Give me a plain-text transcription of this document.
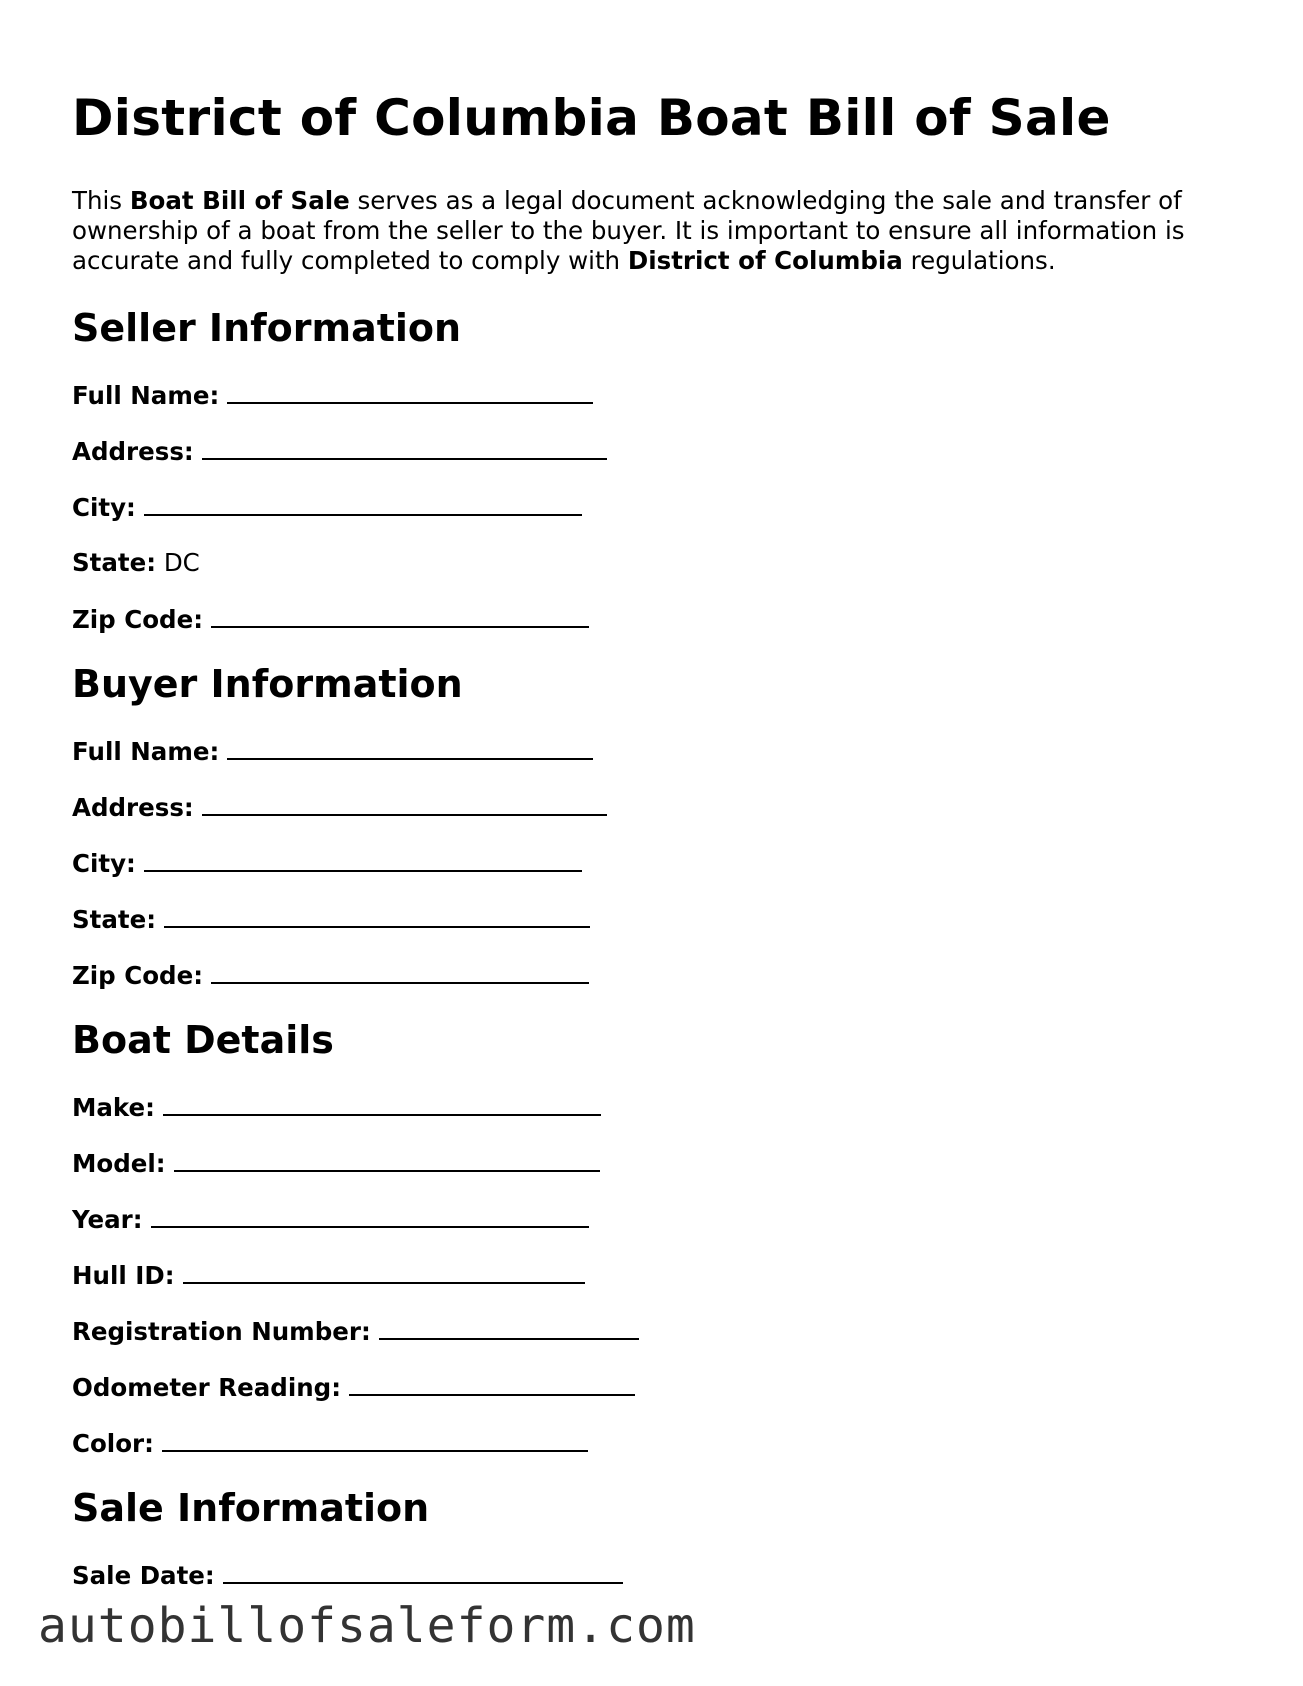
District of Columbia Boat Bill of Sale

This Boat Bill of Sale serves as a legal document acknowledging the sale and transfer of ownership of a boat from the seller to the buyer. It is important to ensure all information is accurate and fully completed to comply with District of Columbia regulations.

Seller Information
Full Name:
Address:
City:
State: DC
Zip Code:
Buyer Information
Full Name:
Address:
City:
State:
Zip Code:
Boat Details
Make:
Model:
Year:
Hull ID:
Registration Number:
Odometer Reading:
Color:
Sale Information
Sale Date:
autobillofsaleform.com
